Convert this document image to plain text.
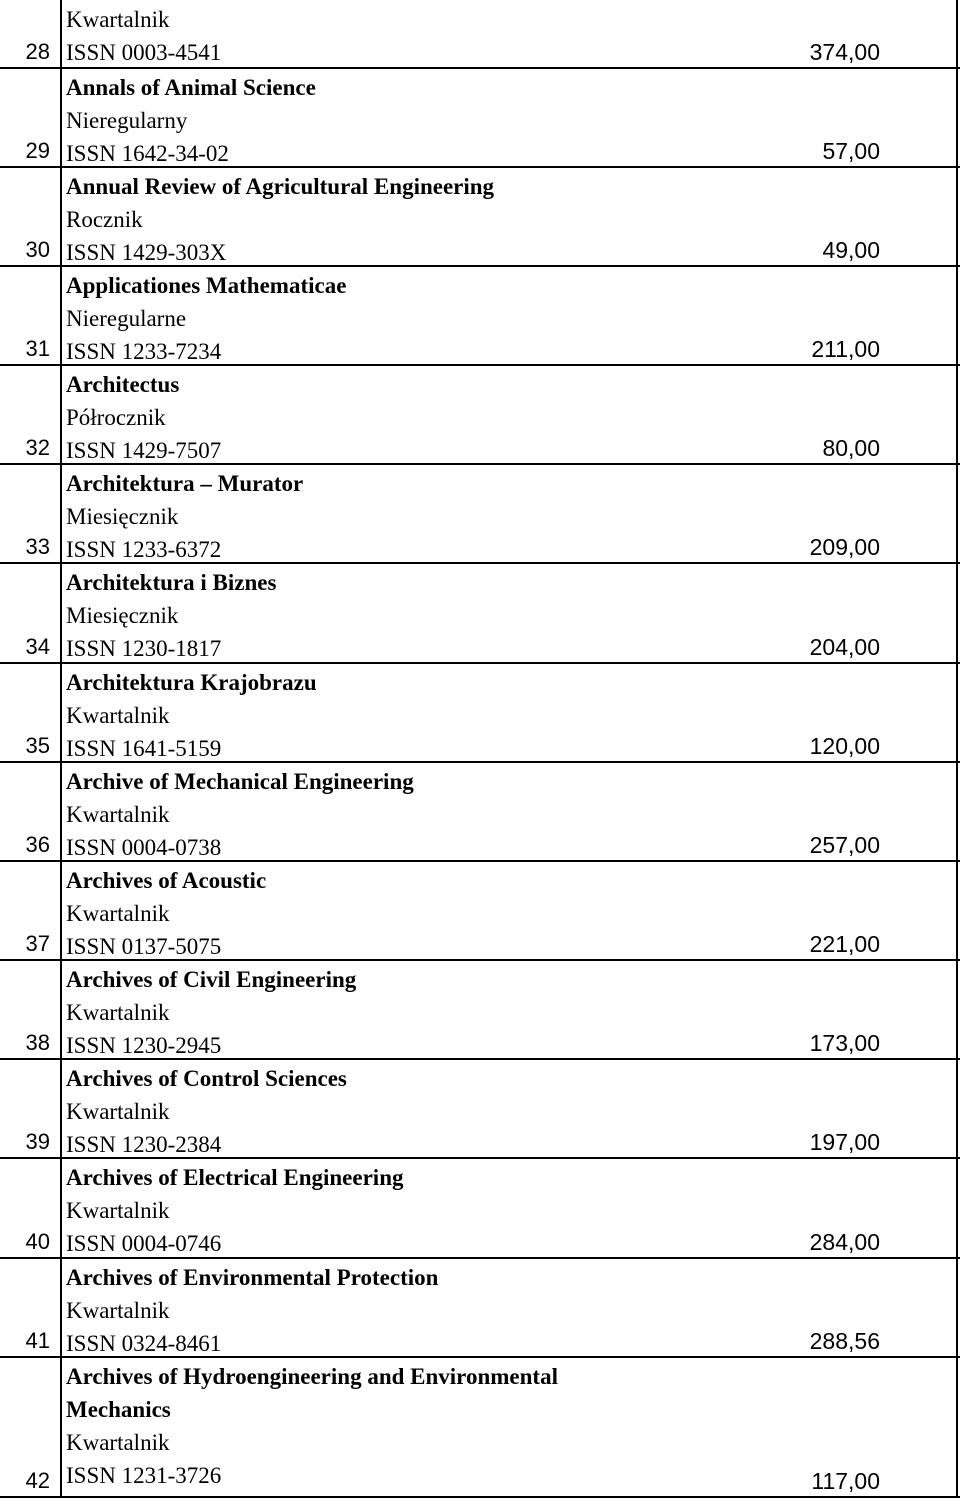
28
Kwartalnik
ISSN 0003-4541	374,00
29
Annals of Animal Science
Nieregularny
ISSN 1642-34-02	57,00
30
Annual Review of Agricultural Engineering
Rocznik
ISSN 1429-303X	49,00
31
Applicationes Mathematicae
Nieregularne
ISSN 1233-7234	211,00
32
Architectus
Półrocznik
ISSN 1429-7507	80,00
33
Architektura – Murator
Miesięcznik
ISSN 1233-6372	209,00
34
Architektura i Biznes
Miesięcznik
ISSN 1230-1817	204,00
35
Architektura Krajobrazu
Kwartalnik
ISSN 1641-5159	120,00
36
Archive of Mechanical Engineering
Kwartalnik
ISSN 0004-0738	257,00
37
Archives of Acoustic
Kwartalnik
ISSN 0137-5075	221,00
38
Archives of Civil Engineering
Kwartalnik
ISSN 1230-2945	173,00
39
Archives of Control Sciences
Kwartalnik
ISSN 1230-2384	197,00
40
Archives of Electrical Engineering
Kwartalnik
ISSN 0004-0746	284,00
41
Archives of Environmental Protection
Kwartalnik
ISSN 0324-8461	288,56
42
Archives of Hydroengineering and Environmental
Mechanics
Kwartalnik
ISSN 1231-3726	117,00
